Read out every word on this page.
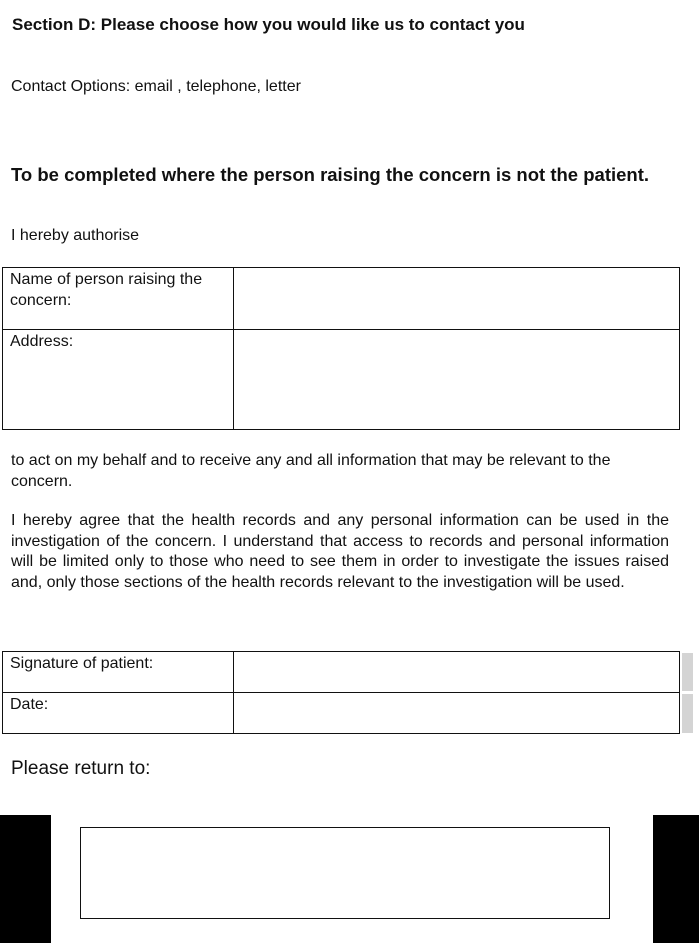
Section D: Please choose how you would like us to contact you
Contact Options: email , telephone, letter
To be completed where the person raising the concern is not the patient.
I hereby authorise
Name of person raising the concern:	
Address:	
to act on my behalf and to receive any and all information that may be relevant to the concern.
I hereby agree that the health records and any personal information can be used in the investigation of the concern. I understand that access to records and personal information will be limited only to those who need to see them in order to investigate the issues raised and, only those sections of the health records relevant to the investigation will be used.
Signature of patient:	
Date:	
Please return to:
